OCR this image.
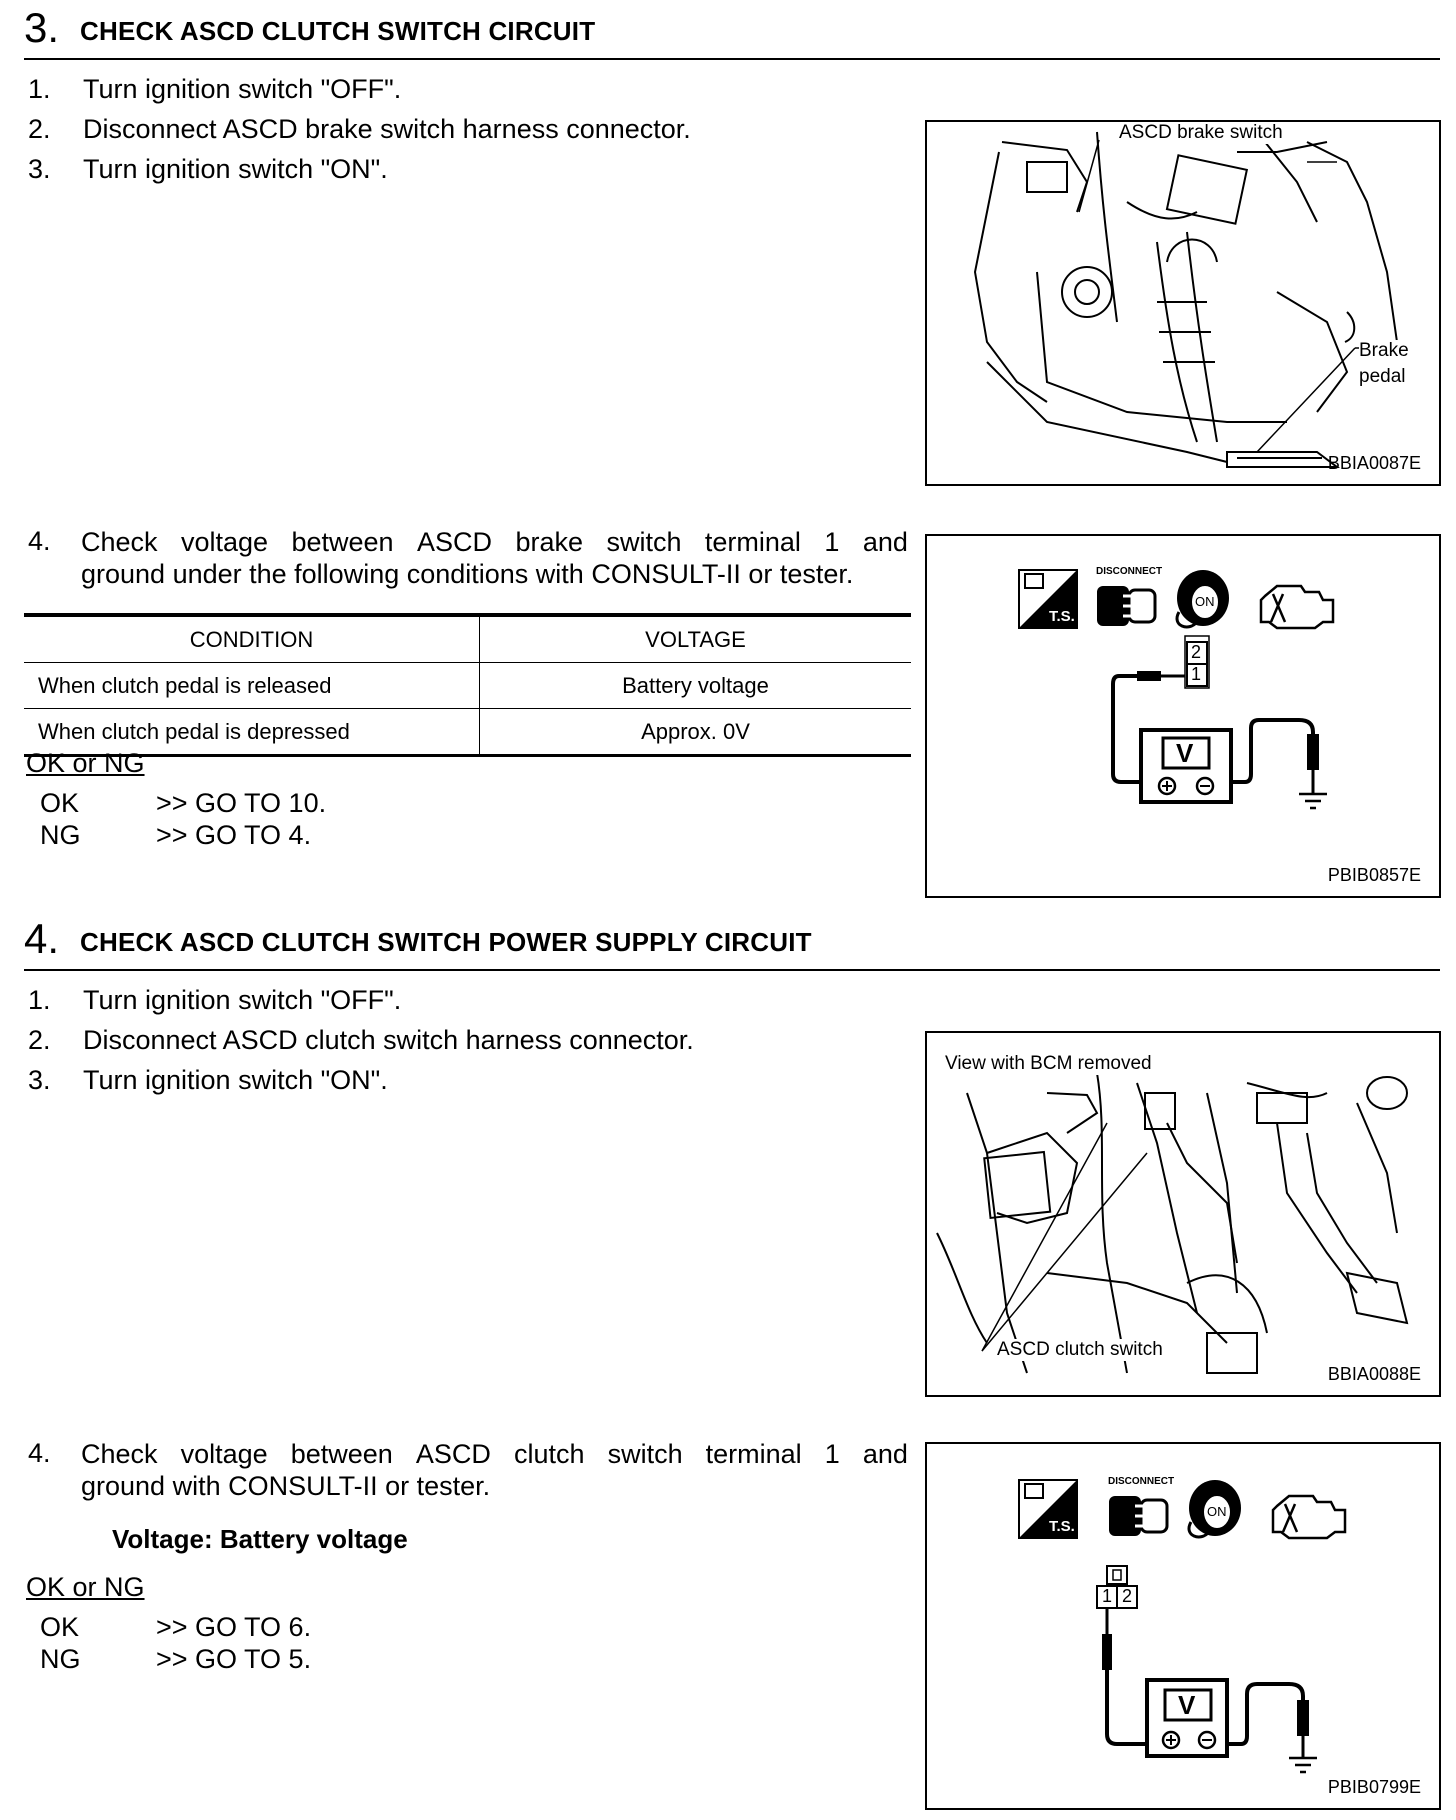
3. CHECK ASCD CLUTCH SWITCH CIRCUIT
1. Turn ignition switch "OFF".
2. Disconnect ASCD brake switch harness connector.
3. Turn ignition switch "ON".
ASCD brake switch
Brake
pedal
BBIA0087E
4. Check voltage between ASCD brake switch terminal 1 and
ground under the following conditions with CONSULT-II or tester.
CONDITION	VOLTAGE
When clutch pedal is released	Battery voltage
When clutch pedal is depressed	Approx. 0V
OK or NG
OK	>> GO TO 10.
NG	>> GO TO 4.
DISCONNECT
T.S.
ON
2
1
V
PBIB0857E
4. CHECK ASCD CLUTCH SWITCH POWER SUPPLY CIRCUIT
1. Turn ignition switch "OFF".
2. Disconnect ASCD clutch switch harness connector.
3. Turn ignition switch "ON".
View with BCM removed
ASCD clutch switch
BBIA0088E
4. Check voltage between ASCD clutch switch terminal 1 and
ground with CONSULT-II or tester.
Voltage: Battery voltage
OK or NG
OK	>> GO TO 6.
NG	>> GO TO 5.
DISCONNECT
T.S.
ON
1 2
V
PBIB0799E
